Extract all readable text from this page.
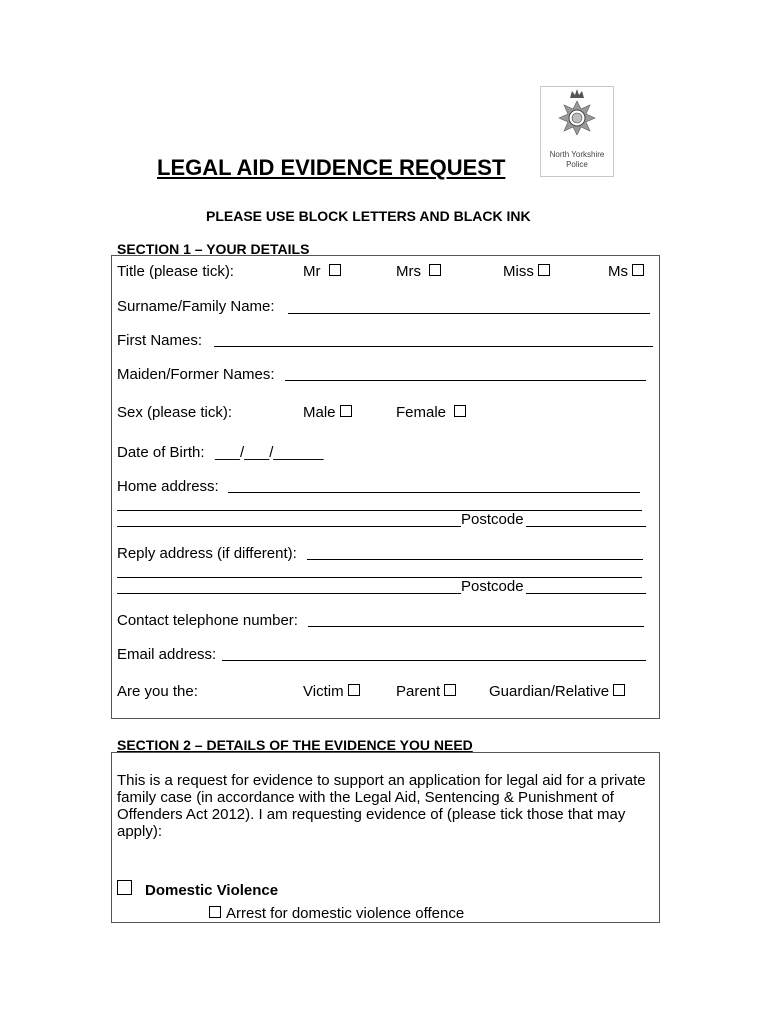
North Yorkshire
Police
LEGAL AID EVIDENCE REQUEST
PLEASE USE BLOCK LETTERS AND BLACK INK
SECTION 1 – YOUR DETAILS
Title (please tick):	Mr	Mrs	Miss	Ms
Surname/Family Name:
First Names:
Maiden/Former Names:
Sex (please tick):	Male	Female
Date of Birth: ___/___/______
Home address:
Postcode
Reply address (if different):
Postcode
Contact telephone number:
Email address:
Are you the:	Victim	Parent	Guardian/Relative
SECTION 2 – DETAILS OF THE EVIDENCE YOU NEED
This is a request for evidence to support an application for legal aid for a private family case (in accordance with the Legal Aid, Sentencing & Punishment of Offenders Act 2012). I am requesting evidence of (please tick those that may apply):
Domestic Violence
Arrest for domestic violence offence
